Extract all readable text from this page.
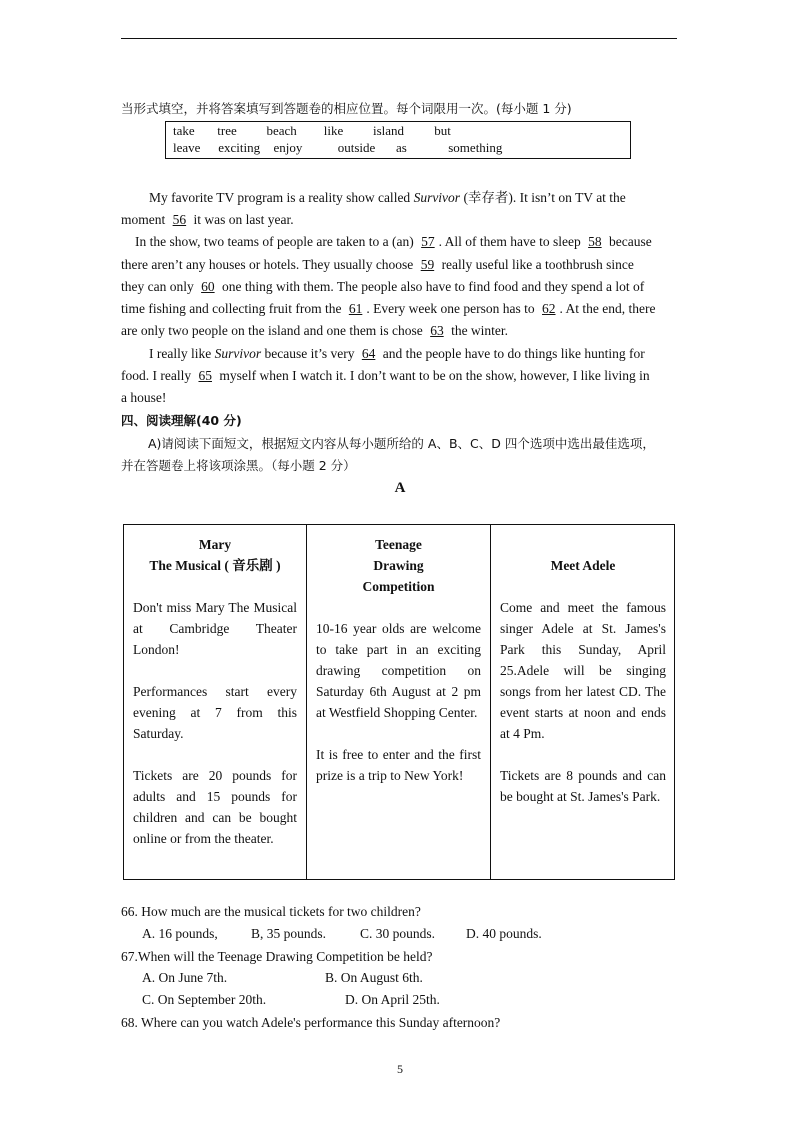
当形式填空，并将答案填写到答题卷的相应位置。每个词限用一次。(每小题 1 分)
take tree beach like island but
leave exciting enjoy	outside as	something
My favorite TV program is a reality show called Survivor (幸存者). It isn’t on TV at the
moment 56 it was on last year.
In the show, two teams of people are taken to a (an) 57 . All of them have to sleep 58 because
there aren’t any houses or hotels. They usually choose 59 really useful like a toothbrush since
they can only 60 one thing with them. The people also have to find food and they spend a lot of
time fishing and collecting fruit from the 61 . Every week one person has to 62 . At the end, there
are only two people on the island and one them is chose 63 the winter.
I really like Survivor because it’s very 64 and the people have to do things like hunting for
food. I really 65 myself when I watch it. I don’t want to be on the show, however, I like living in
a house!
四、阅读理解(40 分)
A)请阅读下面短文，根据短文内容从每小题所给的 A、B、C、D 四个选项中选出最佳选项，
并在答题卷上将该项涂黑。（每小题 2 分）
A
Mary
The Musical ( 音乐剧 )

Don't miss Mary The Musical at Cambridge Theater London!

Performances start every evening at 7 from this Saturday.

Tickets are 20 pounds for adults and 15 pounds for children and can be bought online or from the theater.

Teenage
Drawing
Competition

10-16 year olds are welcome to take part in an exciting drawing competition on Saturday 6th August at 2 pm at Westfield Shopping Center.

It is free to enter and the first prize is a trip to New York!

Meet Adele

Come and meet the famous singer Adele at St. James's Park this Sunday, April 25.Adele will be singing songs from her latest CD. The event starts at noon and ends at 4 Pm.

Tickets are 8 pounds and can be bought at St. James's Park.

66. How much are the musical tickets for two children?
A. 16 pounds, B, 35 pounds.	C. 30 pounds. D. 40 pounds.
67.When will the Teenage Drawing Competition be held?
A. On June 7th.	B. On August 6th.
C. On September 20th.	D. On April 25th.
68. Where can you watch Adele's performance this Sunday afternoon?
5
